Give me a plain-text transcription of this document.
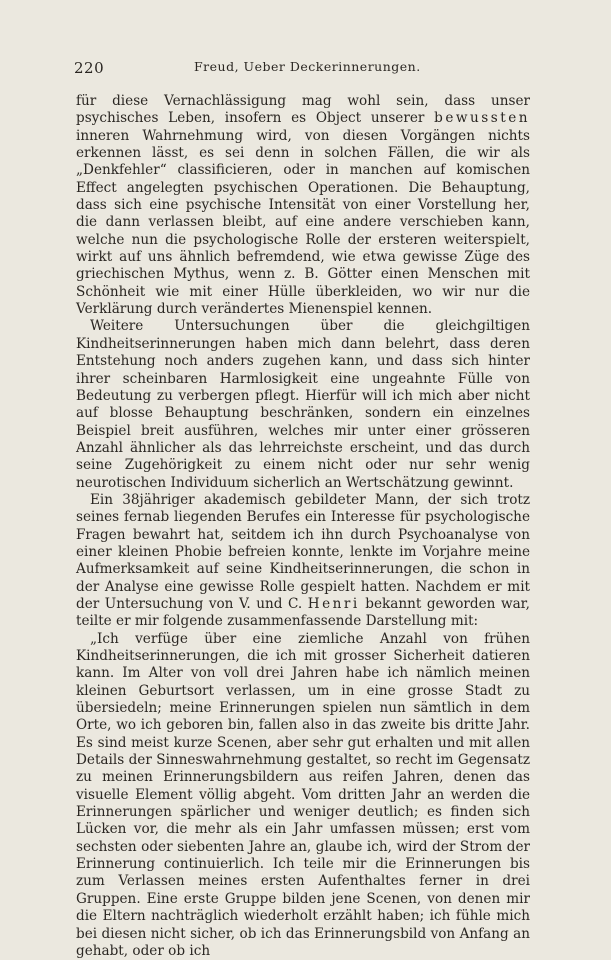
220	Freud, Ueber Deckerinnerungen.

für diese Vernachlässigung mag wohl sein, dass unser psychisches Leben, insofern es Object unserer bewussten inneren Wahrnehmung wird, von diesen Vorgängen nichts erkennen lässt, es sei denn in solchen Fällen, die wir als „Denkfehler“ classificieren, oder in manchen auf komischen Effect angelegten psychischen Operationen. Die Behauptung, dass sich eine psychische Intensität von einer Vorstellung her, die dann verlassen bleibt, auf eine andere verschieben kann, welche nun die psychologische Rolle der ersteren weiterspielt, wirkt auf uns ähnlich befremdend, wie etwa gewisse Züge des griechischen Mythus, wenn z. B. Götter einen Menschen mit Schönheit wie mit einer Hülle überkleiden, wo wir nur die Verklärung durch verändertes Mienenspiel kennen.

Weitere Untersuchungen über die gleichgiltigen Kindheitserinnerungen haben mich dann belehrt, dass deren Entstehung noch anders zugehen kann, und dass sich hinter ihrer scheinbaren Harmlosigkeit eine ungeahnte Fülle von Bedeutung zu verbergen pflegt. Hierfür will ich mich aber nicht auf blosse Behauptung beschränken, sondern ein einzelnes Beispiel breit ausführen, welches mir unter einer grösseren Anzahl ähnlicher als das lehrreichste erscheint, und das durch seine Zugehörigkeit zu einem nicht oder nur sehr wenig neurotischen Individuum sicherlich an Wertschätzung gewinnt.

Ein 38jähriger akademisch gebildeter Mann, der sich trotz seines fernab liegenden Berufes ein Interesse für psychologische Fragen bewahrt hat, seitdem ich ihn durch Psychoanalyse von einer kleinen Phobie befreien konnte, lenkte im Vorjahre meine Aufmerksamkeit auf seine Kindheitserinnerungen, die schon in der Analyse eine gewisse Rolle gespielt hatten. Nachdem er mit der Untersuchung von V. und C. Henri bekannt geworden war, teilte er mir folgende zusammenfassende Darstellung mit:

„Ich verfüge über eine ziemliche Anzahl von frühen Kindheitserinnerungen, die ich mit grosser Sicherheit datieren kann. Im Alter von voll drei Jahren habe ich nämlich meinen kleinen Geburtsort verlassen, um in eine grosse Stadt zu übersiedeln; meine Erinnerungen spielen nun sämtlich in dem Orte, wo ich geboren bin, fallen also in das zweite bis dritte Jahr. Es sind meist kurze Scenen, aber sehr gut erhalten und mit allen Details der Sinneswahrnehmung gestaltet, so recht im Gegensatz zu meinen Erinnerungsbildern aus reifen Jahren, denen das visuelle Element völlig abgeht. Vom dritten Jahr an werden die Erinnerungen spärlicher und weniger deutlich; es finden sich Lücken vor, die mehr als ein Jahr umfassen müssen; erst vom sechsten oder siebenten Jahre an, glaube ich, wird der Strom der Erinnerung continuierlich. Ich teile mir die Erinnerungen bis zum Verlassen meines ersten Aufenthaltes ferner in drei Gruppen. Eine erste Gruppe bilden jene Scenen, von denen mir die Eltern nachträglich wiederholt erzählt haben; ich fühle mich bei diesen nicht sicher, ob ich das Erinnerungsbild von Anfang an gehabt, oder ob ich
